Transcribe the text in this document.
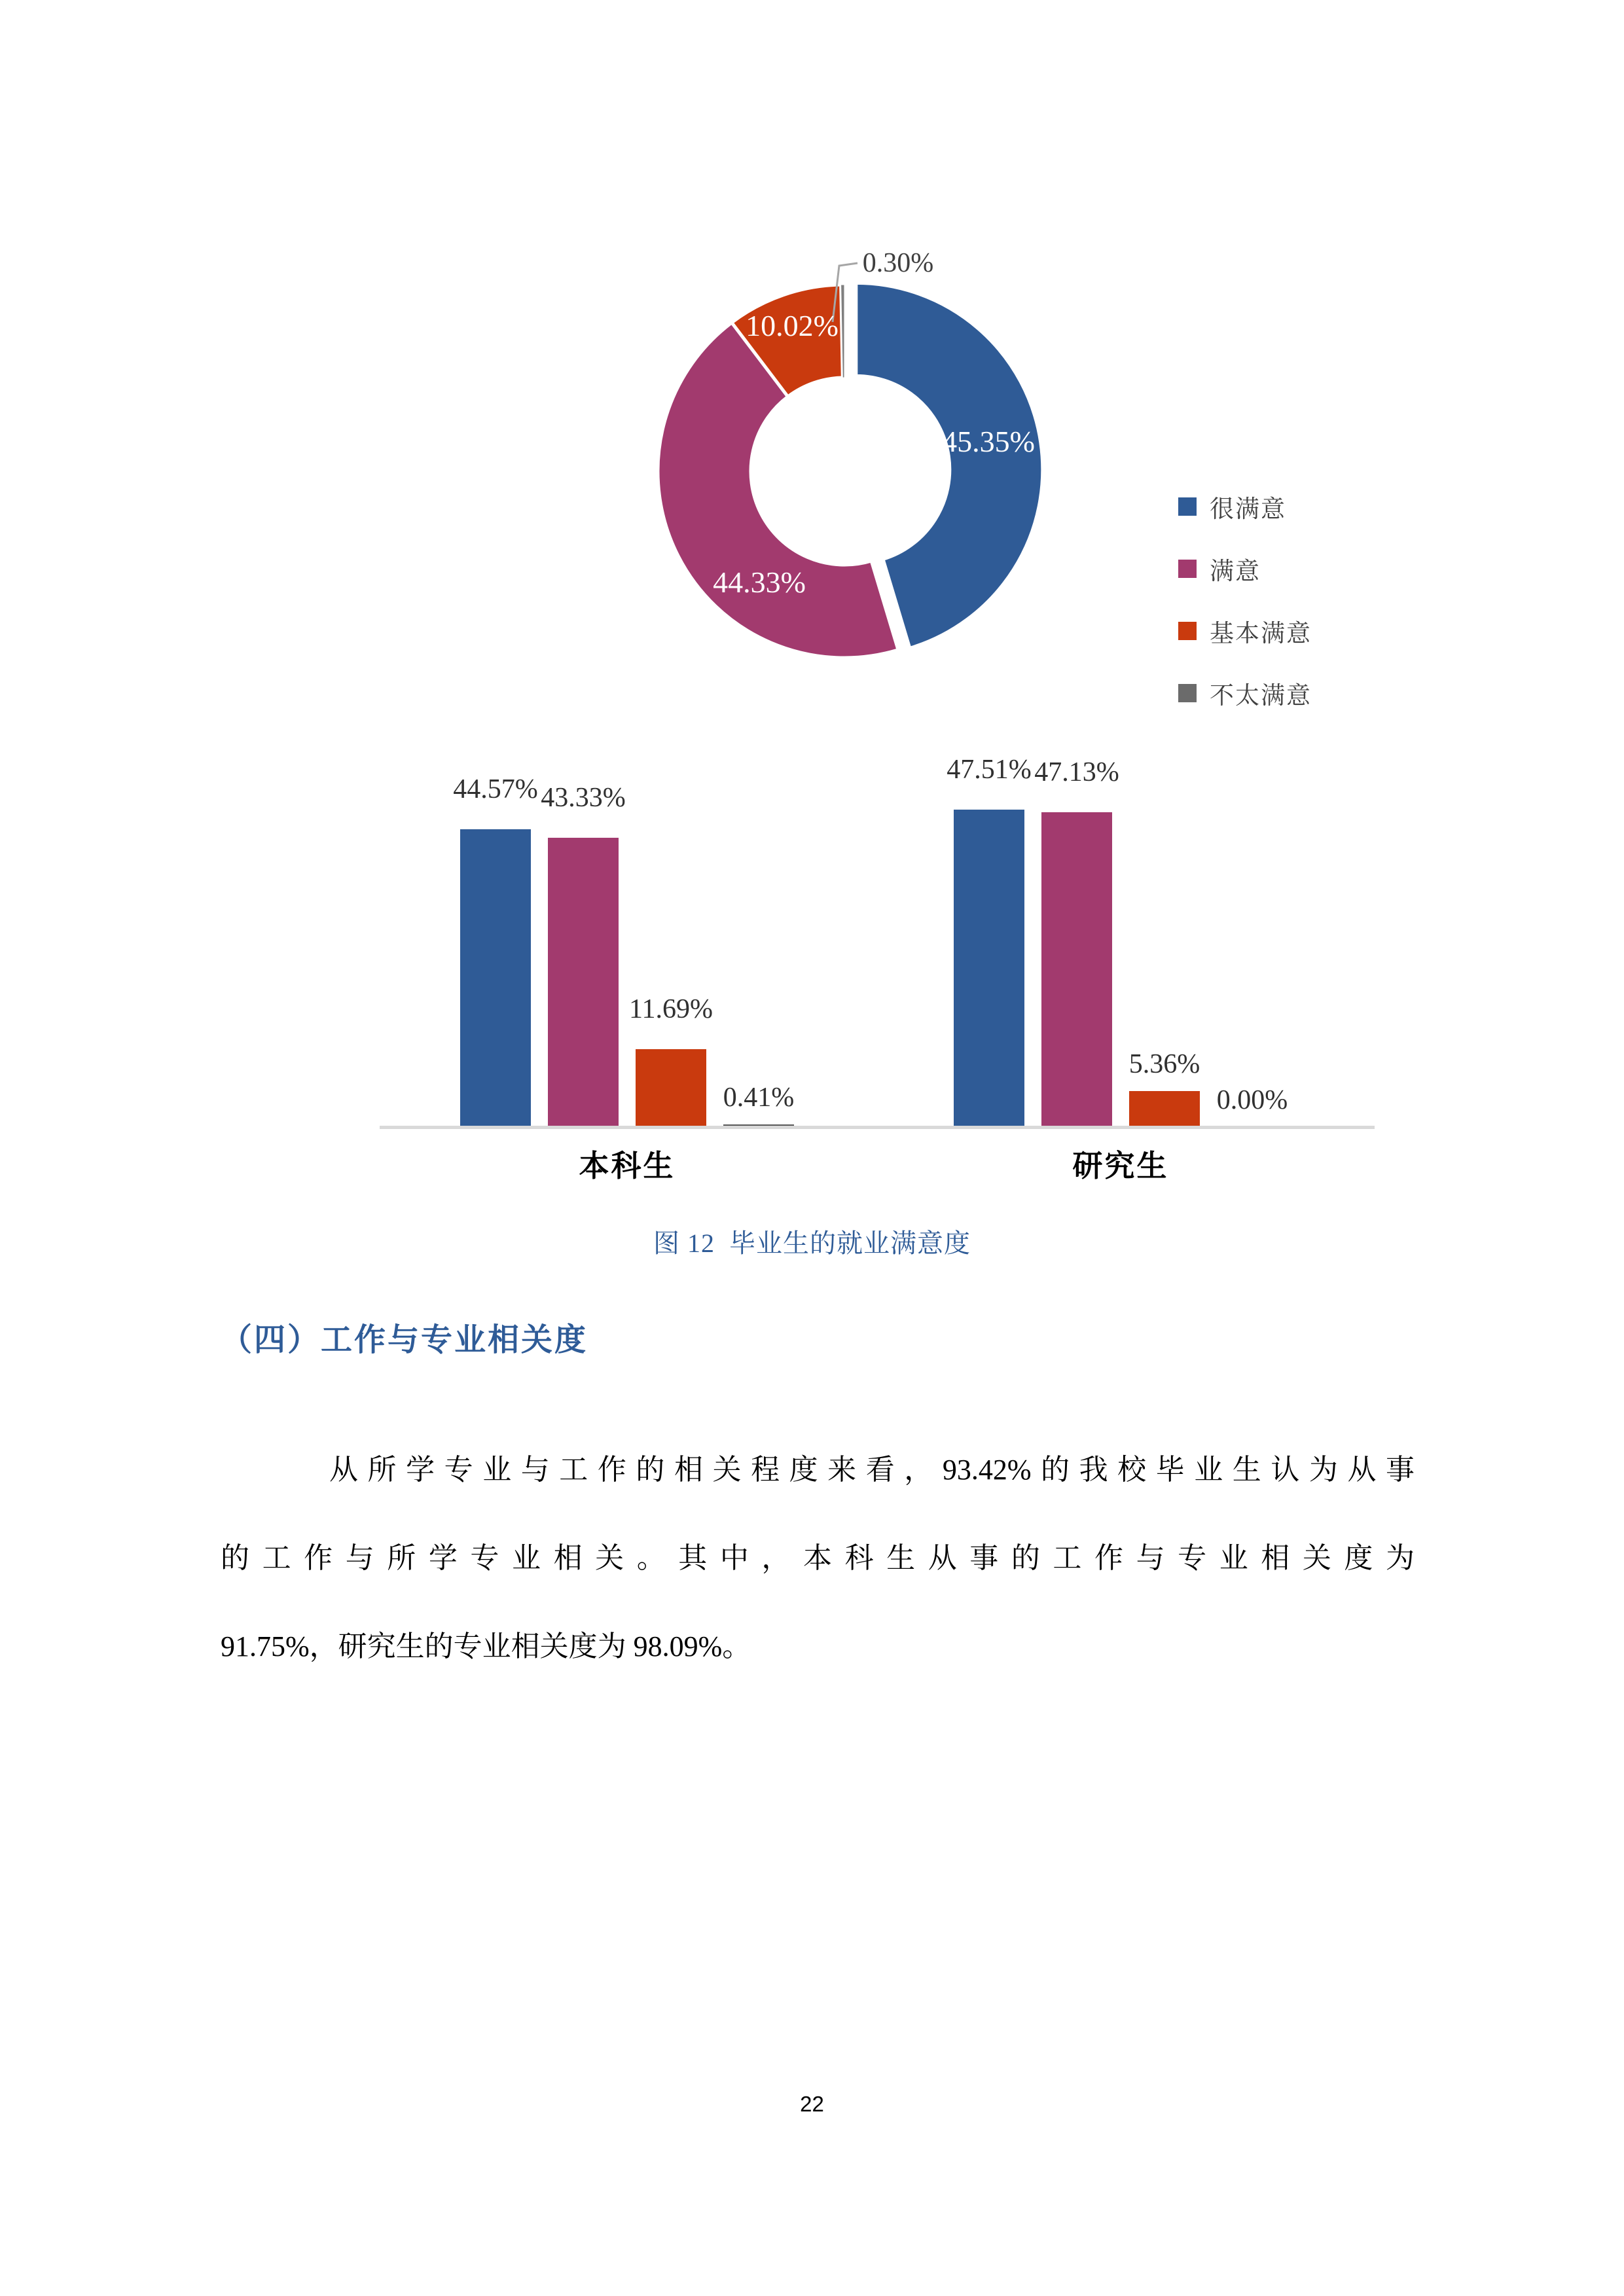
45.35%
44.33%
10.02%
0.30%
很满意
满意
基本满意
不太满意
44.57%
47.51%
43.33%
47.13%
11.69%
5.36%
0.41%	0.00%
本科生	研究生
图 12  毕业生的就业满意度
（四）工作与专业相关度
从所学专业与工作的相关程度来看，93.42%的我校毕业生认为从事
的工作与所学专业相关。其中，本科生从事的工作与专业相关度为
91.75%，研究生的专业相关度为 98.09%。
22
